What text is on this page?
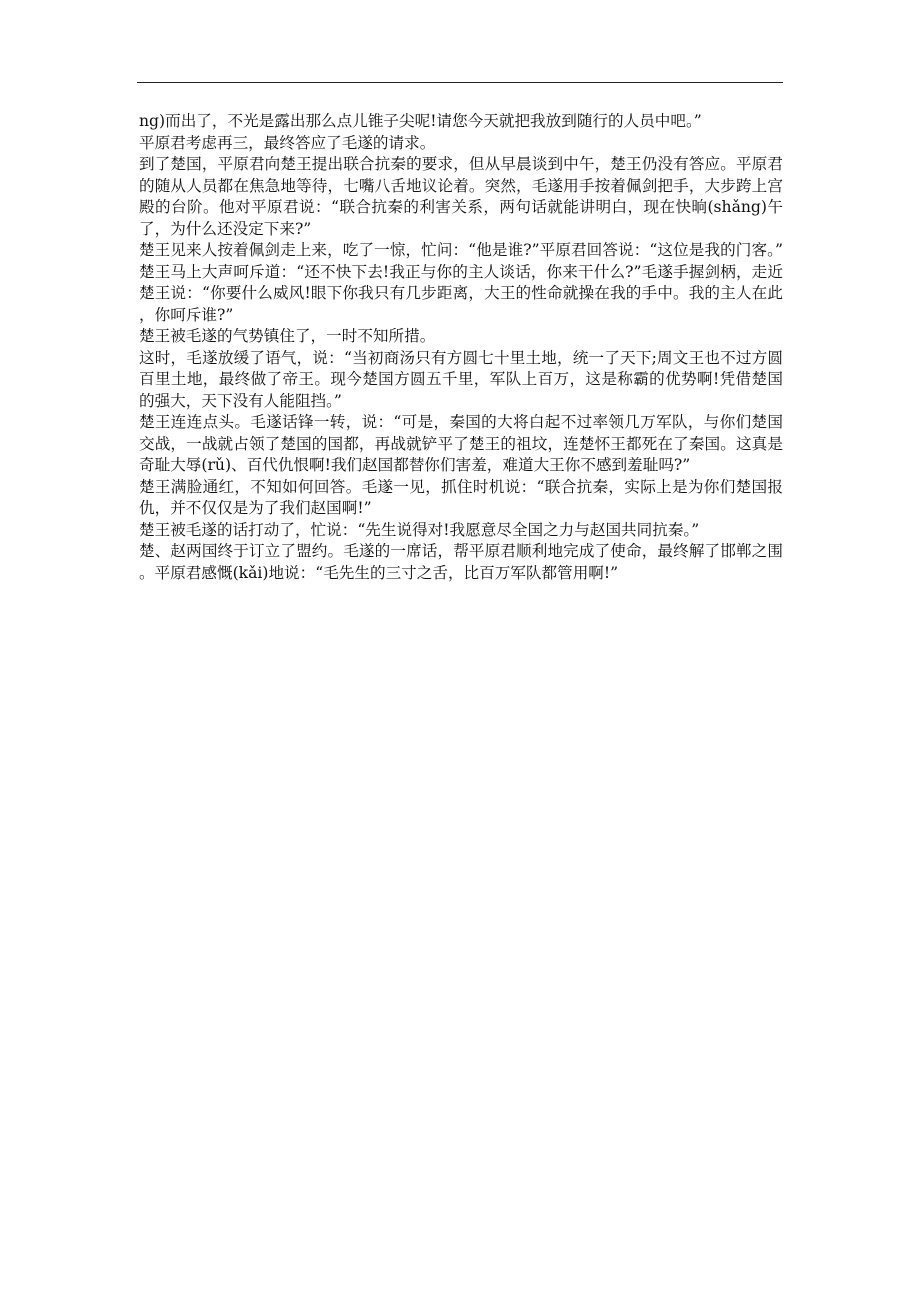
ng)而出了，不光是露出那么点儿锥子尖呢!请您今天就把我放到随行的人员中吧。”

平原君考虑再三，最终答应了毛遂的请求。

到了楚国，平原君向楚王提出联合抗秦的要求，但从早晨谈到中午，楚王仍没有答应。平原君的随从人员都在焦急地等待，七嘴八舌地议论着。突然，毛遂用手按着佩剑把手，大步跨上宫殿的台阶。他对平原君说：“联合抗秦的利害关系，两句话就能讲明白，现在快晌(shǎng)午了，为什么还没定下来?”

楚王见来人按着佩剑走上来，吃了一惊，忙问：“他是谁?”平原君回答说：“这位是我的门客。”楚王马上大声呵斥道：“还不快下去!我正与你的主人谈话，你来干什么?”毛遂手握剑柄，走近楚王说：“你要什么威风!眼下你我只有几步距离，大王的性命就操在我的手中。我的主人在此，你呵斥谁?”

楚王被毛遂的气势镇住了，一时不知所措。

这时，毛遂放缓了语气，说：“当初商汤只有方圆七十里土地，统一了天下;周文王也不过方圆百里土地，最终做了帝王。现今楚国方圆五千里，军队上百万，这是称霸的优势啊!凭借楚国的强大，天下没有人能阻挡。”

楚王连连点头。毛遂话锋一转，说：“可是，秦国的大将白起不过率领几万军队，与你们楚国交战，一战就占领了楚国的国都，再战就铲平了楚王的祖坟，连楚怀王都死在了秦国。这真是奇耻大辱(rǔ)、百代仇恨啊!我们赵国都替你们害羞，难道大王你不感到羞耻吗?”

楚王满脸通红，不知如何回答。毛遂一见，抓住时机说：“联合抗秦，实际上是为你们楚国报仇，并不仅仅是为了我们赵国啊!”

楚王被毛遂的话打动了，忙说：“先生说得对!我愿意尽全国之力与赵国共同抗秦。”

楚、赵两国终于订立了盟约。毛遂的一席话，帮平原君顺利地完成了使命，最终解了邯郸之围。平原君感慨(kǎi)地说：“毛先生的三寸之舌，比百万军队都管用啊!”
